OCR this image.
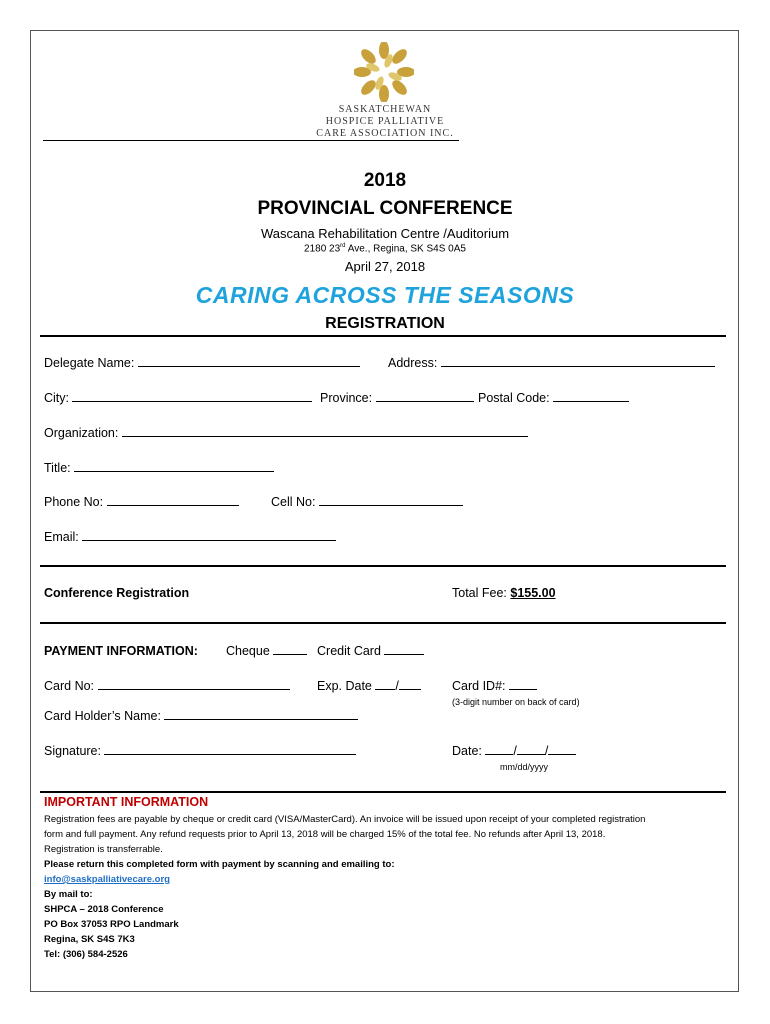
SASKATCHEWAN
HOSPICE PALLIATIVE
CARE ASSOCIATION INC.
2018
PROVINCIAL CONFERENCE
Wascana Rehabilitation Centre /Auditorium
2180 23rd Ave., Regina, SK S4S 0A5
April 27, 2018
CARING ACROSS THE SEASONS
REGISTRATION
Delegate Name:	Address:
City:	Province:	Postal Code:
Organization:
Title:
Phone No:	Cell No:
Email:
Conference Registration	Total Fee: $155.00
PAYMENT INFORMATION: Cheque	Credit Card
Card No:	Exp. Date /	Card ID#:
(3-digit number on back of card)
Card Holder’s Name:
Signature:	Date:	/ /
mm/dd/yyyy
IMPORTANT INFORMATION

Registration fees are payable by cheque or credit card (VISA/MasterCard). An invoice will be issued upon receipt of your completed registration

form and full payment. Any refund requests prior to April 13, 2018 will be charged 15% of the total fee. No refunds after April 13, 2018.

Registration is transferrable.

Please return this completed form with payment by scanning and emailing to:

info@saskpalliativecare.org

By mail to:

SHPCA – 2018 Conference

PO Box 37053 RPO Landmark

Regina, SK S4S 7K3

Tel: (306) 584-2526
